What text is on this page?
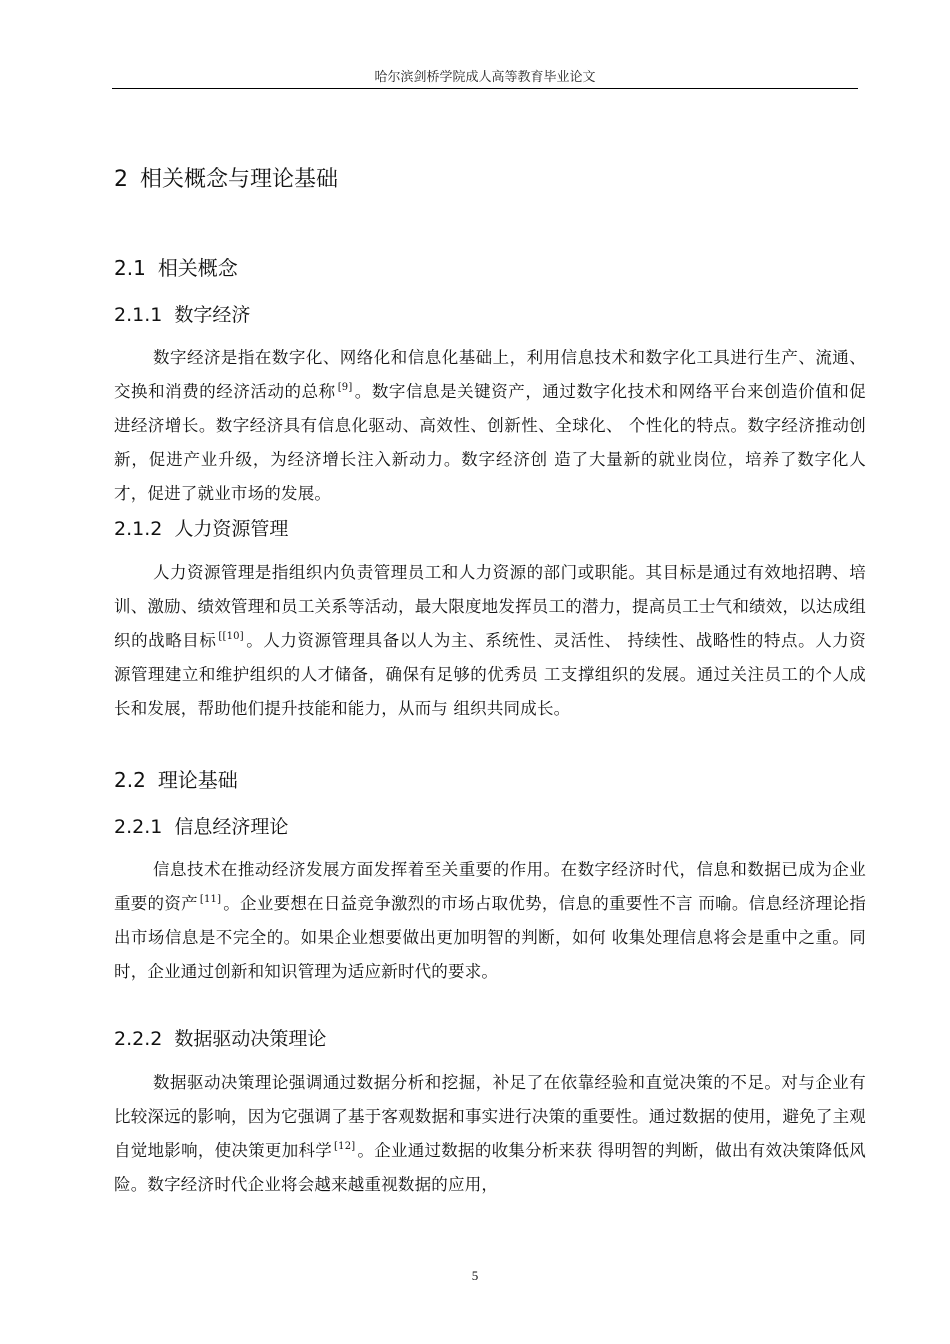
哈尔滨剑桥学院成人高等教育毕业论文
2 相关概念与理论基础
2.1 相关概念
2.1.1 数字经济

数字经济是指在数字化、网络化和信息化基础上，利用信息技术和数字化工具进行生产、流通、交换和消费的经济活动的总称 [9] 。数字信息是关键资产，通过数字化技术和网络平台来创造价值和促进经济增长。数字经济具有信息化驱动、高效性、创新性、全球化、 个性化的特点。数字经济推动创新，促进产业升级，为经济增长注入新动力。数字经济创 造了大量新的就业岗位，培养了数字化人才，促进了就业市场的发展。

2.1.2 人力资源管理

人力资源管理是指组织内负责管理员工和人力资源的部门或职能。其目标是通过有效地招聘、培训、激励、绩效管理和员工关系等活动，最大限度地发挥员工的潜力，提高员工士气和绩效，以达成组织的战略目标 [[10] 。人力资源管理具备以人为主、系统性、灵活性、 持续性、战略性的特点。人力资源管理建立和维护组织的人才储备，确保有足够的优秀员 工支撑组织的发展。通过关注员工的个人成长和发展，帮助他们提升技能和能力，从而与 组织共同成长。

2.2 理论基础
2.2.1 信息经济理论

信息技术在推动经济发展方面发挥着至关重要的作用。在数字经济时代，信息和数据已成为企业重要的资产 [11] 。企业要想在日益竞争激烈的市场占取优势，信息的重要性不言 而喻。信息经济理论指出市场信息是不完全的。如果企业想要做出更加明智的判断，如何 收集处理信息将会是重中之重。同时，企业通过创新和知识管理为适应新时代的要求。

2.2.2 数据驱动决策理论

数据驱动决策理论强调通过数据分析和挖掘，补足了在依靠经验和直觉决策的不足。对与企业有比较深远的影响，因为它强调了基于客观数据和事实进行决策的重要性。通过数据的使用，避免了主观自觉地影响，使决策更加科学 [12] 。企业通过数据的收集分析来获 得明智的判断，做出有效决策降低风险。数字经济时代企业将会越来越重视数据的应用，

5
